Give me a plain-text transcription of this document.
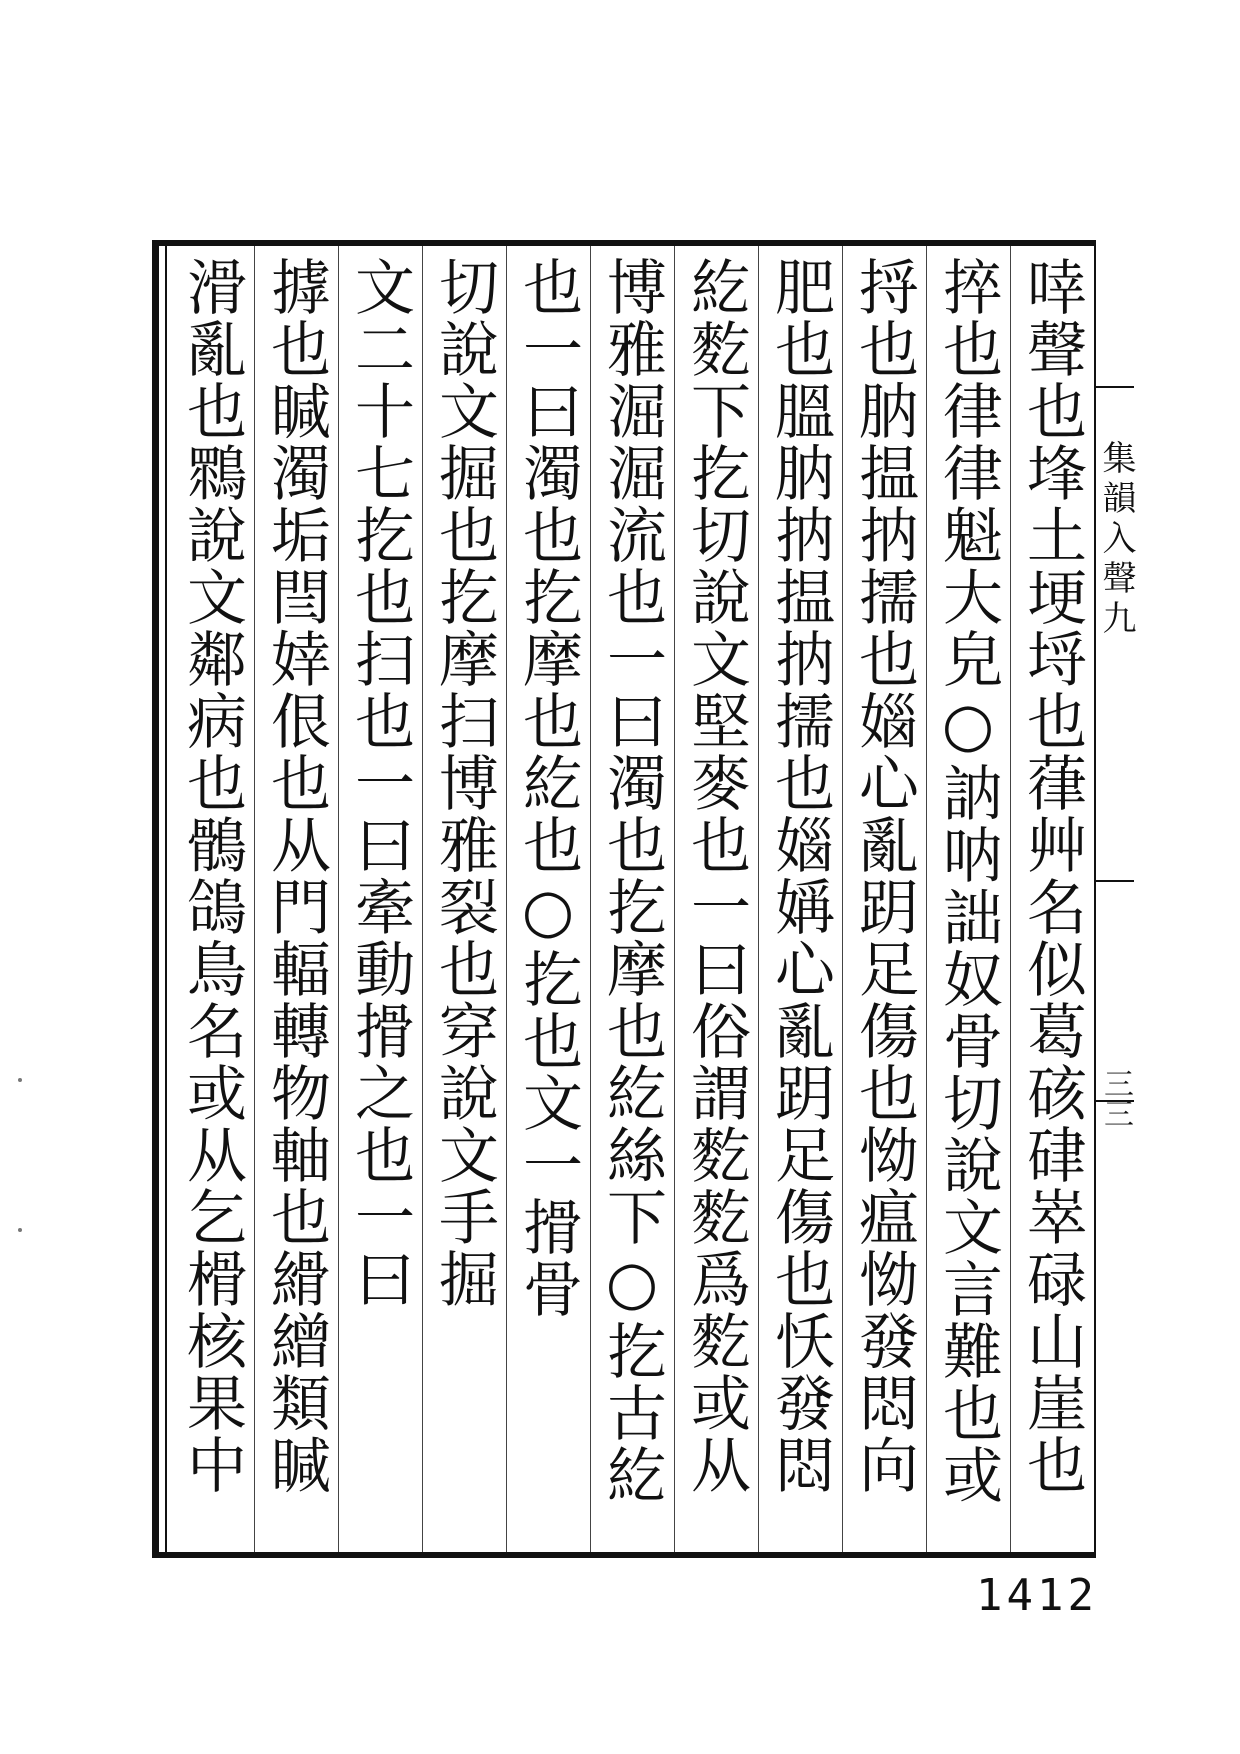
集韻入聲九
三三
啈聲也埄土埂埒也葎艸名似葛硋硉崒碌山崖也
捽也律律魁大皃○訥呐詘奴骨切說文言難也或
捋也肭揾抐擩也㛴心亂跀足傷也怮瘟怮發悶向
肥也膃肭抐揾抐擩也㛴㛵心亂跀足傷也㤇發悶
紇麧下扢切說文堅麥也一曰俗謂麧麧爲麧或从
博雅淈淈流也一曰濁也扢摩也紇絲下○扢古紇
也一曰濁也扢摩也紇也○扢也文一搰骨
切說文掘也扢摩扫博雅裂也穿說文手掘
文二十七扢也扫也一曰牽動搰之也一曰
摢也䁍濁垢閆婞佷也从門輻轉物軸也縎繒類䁍
滑亂也䳴說文鄰病也鶻鴿鳥名或从乞榾核果中
1412
